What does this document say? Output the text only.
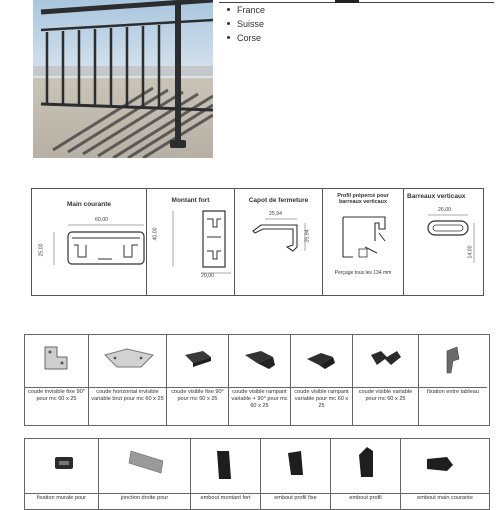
France
Suisse
Corse
Main courante
60,00
25,00
Montant fort
40,00
20,00
Capot de fermeture
25,94
25,94
Profil prépercé pour barreaux verticaux
Perçage tous les 134 mm
Barreaux verticaux
26,00
14,00
coude invisible fixe 90° pour mc 60 x 25
coude horizontal invisible variable brut pour mc 60 x 25
coude visible fixe 90° pour mc 60 x 25
coude visible rampant variable + 90° pour mc 60 x 25
coude visible rampant variable pour mc 60 x 25
coude visible variable pour mc 60 x 25
fixation entre tableau
fixation murale pour	jonction droite pour	embout montant fort	embout profil fixe	embout profil	embout main courante
